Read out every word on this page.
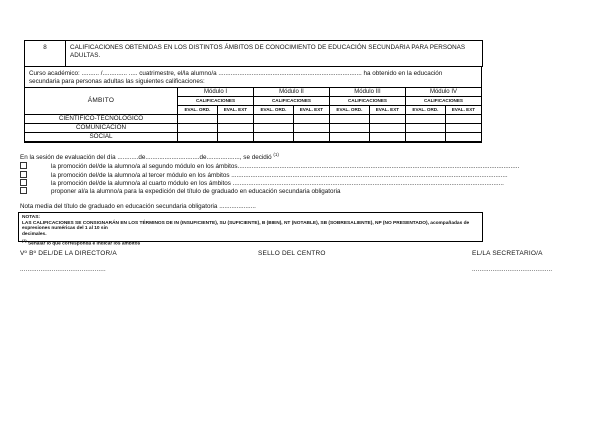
8	CALIFICACIONES OBTENIDAS EN LOS DISTINTOS ÁMBITOS DE CONOCIMIENTO DE EDUCACIÓN SECUNDARIA PARA PERSONAS ADULTAS.
Curso académico: .......... /.............. ..... cuatrimestre, el/la alumno/a .................................................................................. ha obtenido en la educación
secundaria para personas adultas las siguientes calificaciones:
ÁMBITO	Módulo I		Módulo II		Módulo III		Módulo IV	
	CALIFICACIONES		CALIFICACIONES		CALIFICACIONES		CALIFICACIONES	
	EVAL. ORD.	EVAL. EXT	EVAL. ORD.	EVAL. EXT	EVAL. ORD.	EVAL. EXT	EVAL. ORD.	EVAL. EXT
CIENTÍFICO-TECNOLÓGICO								
COMUNICACIÓN								
SOCIAL								
En la sesión de evaluación del día ............de...............................de..................., se decidió $^{(1)}$
la promoción del/de la alumno/a al segundo módulo en los ámbitos.................................................................................................................................................................
la promoción del/de la alumno/a al tercer módulo en los ámbitos ..............................................................................................................................................................
la promoción del/de la alumno/a al cuarto módulo en los ámbitos ...........................................................................................................................................................
proponer al/a la alumno/a para la expedición del título de graduado en educación secundaria obligatoria
Nota media del título de graduado en educación secundaria obligatoria .....................
NOTAS:
LAS CALIFICACIONES SE CONSIGNARÁN EN LOS TÉRMINOS DE IN (INSUFICIENTE), SU (SUFICIENTE), B (BIEN), NT (NOTABLE), SB (SOBRESALIENTE), NP (NO PRESENTADO), acompañadas de expresiones numéricas del 1 al 10 sin
decimales.
$^{(1)}$ Señalar lo que corresponda e indicar los ámbitos
Vº Bº DEL/DE LA DIRECTOR/A	SELLO DEL CENTRO	EL/LA SECRETARIO/A
..............................................	...........................................
